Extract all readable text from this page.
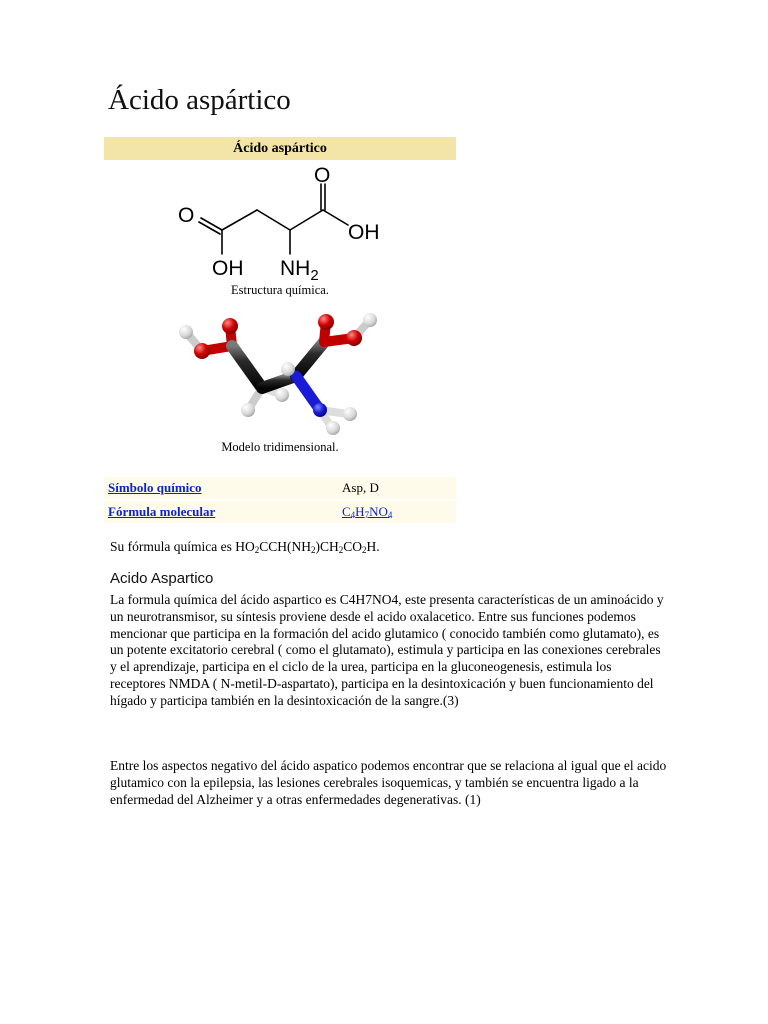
Ácido aspártico
Ácido aspártico
O
OH $NH_2$
O
OH
Estructura química.
Modelo tridimensional.
Símbolo químico	Asp, D
Fórmula molecular	$C_4H_7NO_4$
Su fórmula química es $HO_2CCH(NH_2)CH_2CO_2H$.
Acido Aspartico

La formula química del ácido aspartico es C4H7NO4, este presenta características de un aminoácido y un neurotransmisor, su síntesis proviene desde el acido oxalacetico. Entre sus funciones podemos mencionar que participa en la formación del acido glutamico ( conocido también como glutamato), es un potente excitatorio cerebral ( como el glutamato), estimula y participa en las conexiones cerebrales y el aprendizaje, participa en el ciclo de la urea, participa en la gluconeogenesis, estimula los receptores NMDA ( N-metil-D-aspartato), participa en la desintoxicación y buen funcionamiento del hígado y participa también en la desintoxicación de la sangre.(3)

Entre los aspectos negativo del ácido aspatico podemos encontrar que se relaciona al igual que el acido glutamico con la epilepsia, las lesiones cerebrales isoquemicas, y también se encuentra ligado a la enfermedad del Alzheimer y a otras enfermedades degenerativas. (1)
